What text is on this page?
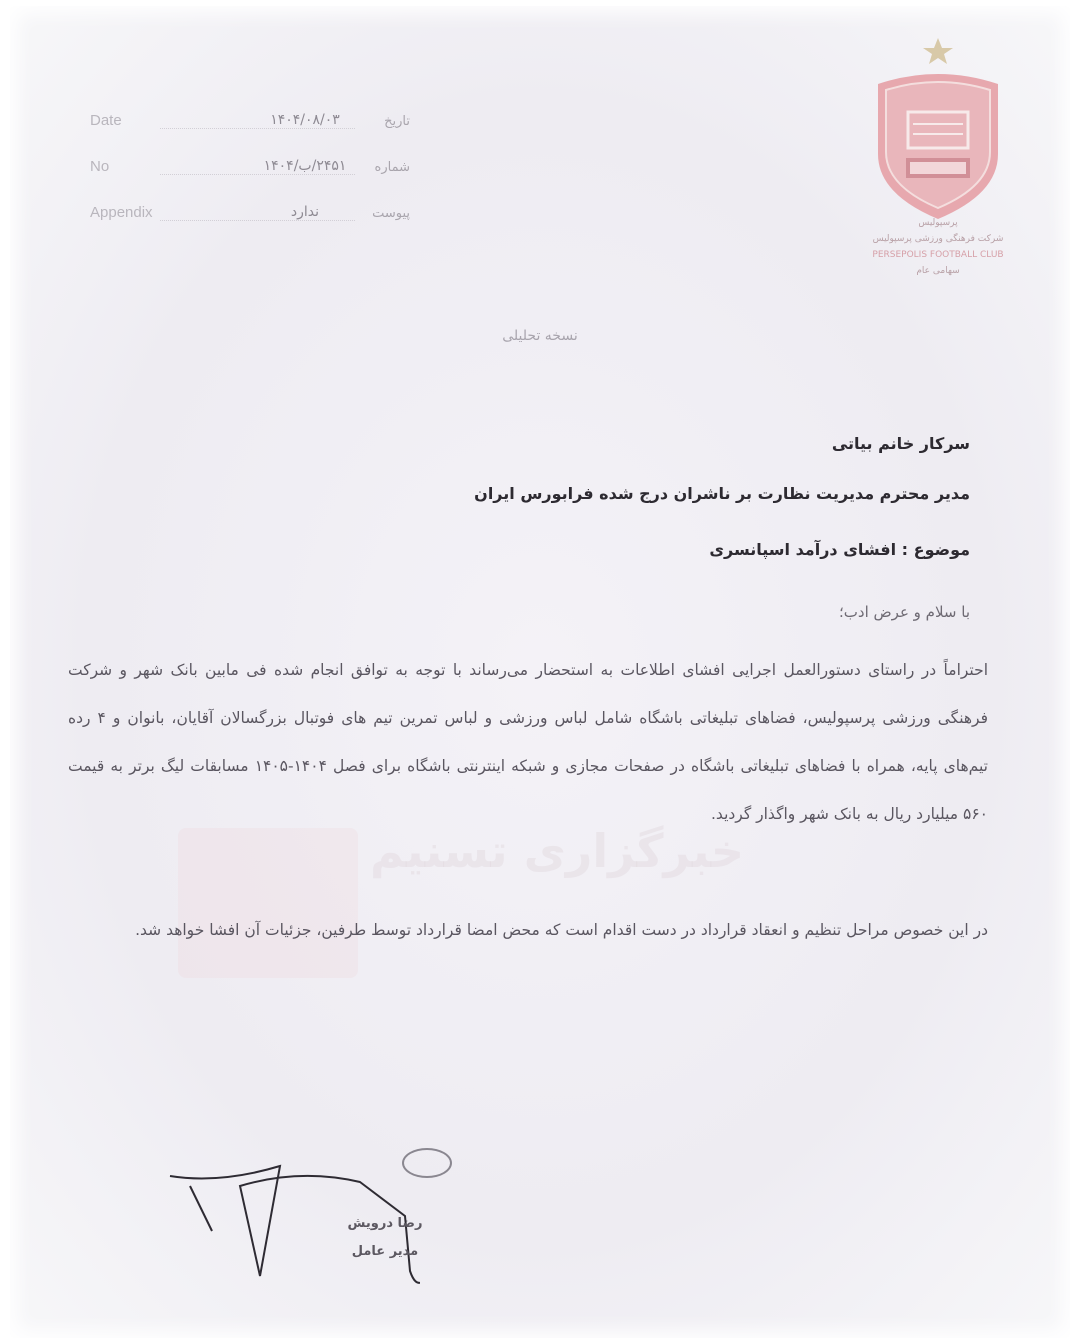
خبرگزاری تسنیم
Date	۱۴۰۴/۰۸/۰۳	تاریخ
No	۲۴۵۱/ب/۱۴۰۴	شماره
Appendix	ندارد	پیوست
پرسپولیس
شرکت فرهنگی ورزشی پرسپولیس
PERSEPOLIS FOOTBALL CLUB
سهامی عام
نسخه تحلیلی
سرکار خانم بیاتی
مدیر محترم مدیریت نظارت بر ناشران درج شده فرابورس ایران
موضوع : افشای درآمد اسپانسری
با سلام و عرض ادب؛
احتراماً در راستای دستورالعمل اجرایی افشای اطلاعات به استحضار می‌رساند با توجه به توافق انجام شده فی مابین بانک شهر و شرکت فرهنگی ورزشی پرسپولیس، فضاهای تبلیغاتی باشگاه شامل لباس ورزشی و لباس تمرین تیم های فوتبال بزرگسالان آقایان، بانوان و ۴ رده تیم‌های پایه، همراه با فضاهای تبلیغاتی باشگاه در صفحات مجازی و شبکه اینترنتی باشگاه برای فصل ۱۴۰۴-۱۴۰۵ مسابقات لیگ برتر به قیمت ۵۶۰ میلیارد ریال به بانک شهر واگذار گردید.
در این خصوص مراحل تنظیم و انعقاد قرارداد در دست اقدام است که محض امضا قرارداد توسط طرفین، جزئیات آن افشا خواهد شد.
رضا درویش
مدیر عامل
